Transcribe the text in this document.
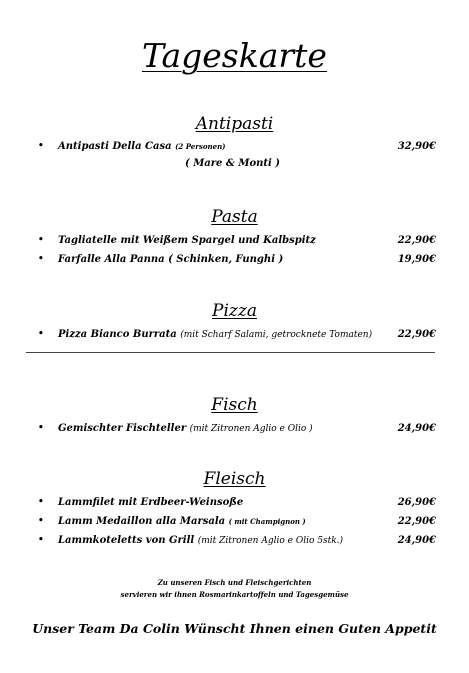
Tageskarte
Antipasti
• Antipasti Della Casa (2 Personen)	32,90€
( Mare & Monti )
Pasta
• Tagliatelle mit Weißem Spargel und Kalbspitz	22,90€
• Farfalle Alla Panna ( Schinken, Funghi )	19,90€
Pizza
• Pizza Bianco Burrata (mit Scharf Salami, getrocknete Tomaten)	22,90€
Fisch
• Gemischter Fischteller (mit Zitronen Aglio e Olio )	24,90€
Fleisch
• Lammfilet mit Erdbeer-Weinsoße	26,90€
• Lamm Medaillon alla Marsala ( mit Champignon )	22,90€
• Lammkoteletts von Grill (mit Zitronen Aglio e Olio 5stk.)	24,90€
Zu unseren Fisch und Fleischgerichten
servieren wir ihnen Rosmarinkartoffeln und Tagesgemüse
Unser Team Da Colin Wünscht Ihnen einen Guten Appetit
